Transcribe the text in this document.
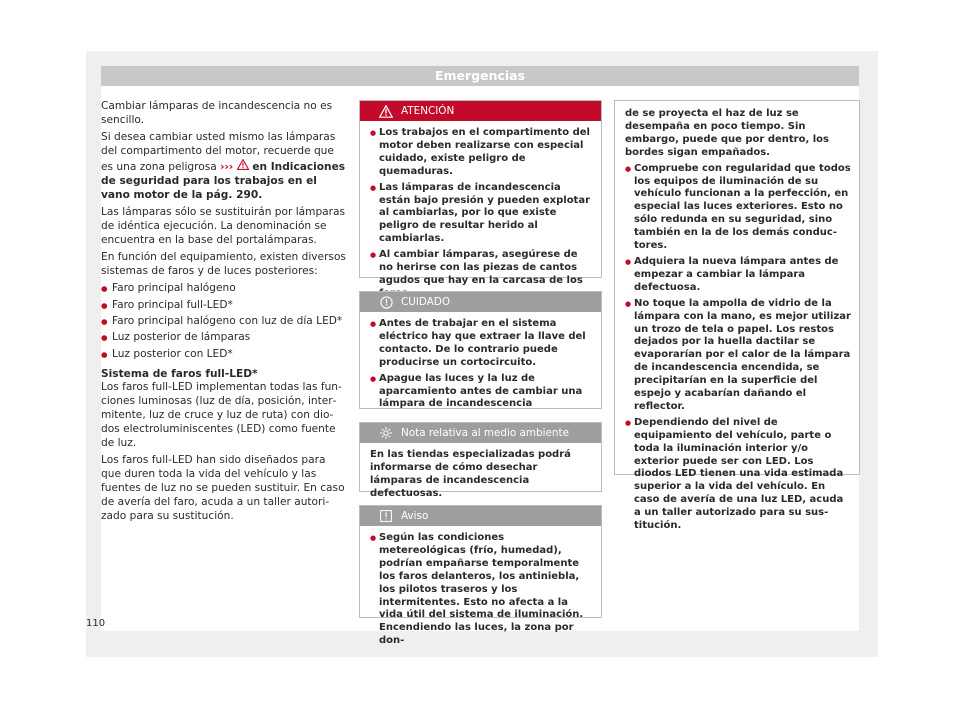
Emergencias

Cambiar lámparas de incandescencia no es sencillo.

Si desea cambiar usted mismo las lámparas del compartimento del motor, recuerde que es una zona peligrosa ›››  en Indicaciones de seguridad para los trabajos en el vano motor de la pág. 290.

Las lámparas sólo se sustituirán por lámparas de idéntica ejecución. La denominación se encuentra en la base del portalámparas.

En función del equipamiento, existen diversos sistemas de faros y de luces posteriores:

● Faro principal halógeno
● Faro principal full-LED*
● Faro principal halógeno con luz de día LED*
● Luz posterior de lámparas
● Luz posterior con LED*

Sistema de faros full-LED*

Los faros full-LED implementan todas las funciones luminosas (luz de día, posición, intermitente, luz de cruce y luz de ruta) con diodos electroluminiscentes (LED) como fuente de luz.

Los faros full-LED han sido diseñados para que duren toda la vida del vehículo y las fuentes de luz no se pueden sustituir. En caso de avería del faro, acuda a un taller autorizado para su sustitución.

ATENCIÓN
● Los trabajos en el compartimento del motor deben realizarse con especial cuidado, existe peligro de quemaduras.
● Las lámparas de incandescencia están bajo presión y pueden explotar al cambiarlas, por lo que existe peligro de resultar herido al cambiarlas.
● Al cambiar lámparas, asegúrese de no herirse con las piezas de cantos agudos que hay en la carcasa de los
CUIDADO
● Antes de trabajar en el sistema eléctrico hay que extraer la llave del contacto. De lo contrario puede producirse un cortocircuito.
● Apague las luces y la luz de aparcamiento antes de cambiar una lámpara de incandescencia
Nota relativa al medio ambiente
En las tiendas especializadas podrá informarse de cómo desechar lámparas de incandescencia defectuosas.
Aviso
● Según las condiciones metereológicas (frío, humedad), podrían empañarse temporalmente los faros delanteros, los antiniebla, los pilotos traseros y los intermitentes. Esto no afecta a la vida útil del sistema de iluminación. Encendiendo las luces, la zona por don-
de se proyecta el haz de luz se desempaña en poco tiempo. Sin embargo, puede que por dentro, los bordes sigan empañados.
● Compruebe con regularidad que todos los equipos de iluminación de su vehículo funcionan a la perfección, en especial las luces exteriores. Esto no sólo redunda en su seguridad, sino también en la de los demás conductores.
● Adquiera la nueva lámpara antes de empezar a cambiar la lámpara defectuosa.
● No toque la ampolla de vidrio de la lámpara con la mano, es mejor utilizar un trozo de tela o papel. Los restos dejados por la huella dactilar se evaporarían por el calor de la lámpara de incandescencia encendida, se precipitarían en la superficie del espejo y acabarían dañando el reflector.
● Dependiendo del nivel de equipamiento del vehículo, parte o toda la iluminación interior y/o exterior puede ser con LED. Los diodos LED tienen una vida estimada superior a la vida del vehículo. En caso de avería de una luz LED, acuda a un taller autorizado para su sustitución.
110
